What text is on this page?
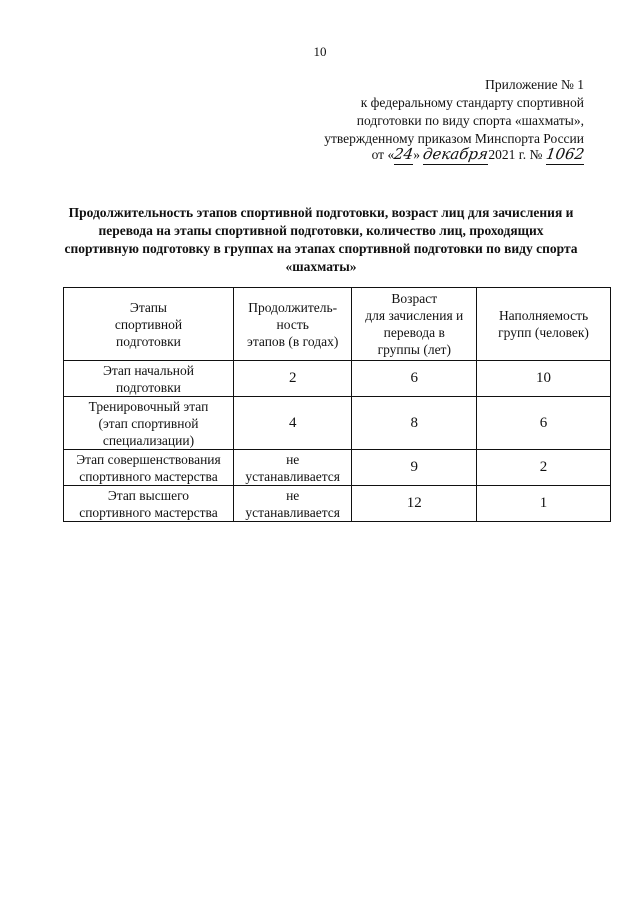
10
Приложение № 1
к федеральному стандарту спортивной
подготовки по виду спорта «шахматы»,
утвержденному приказом Минспорта России
от «24» декабря2021 г. № 1062
Продолжительность этапов спортивной подготовки, возраст лиц для зачисления и перевода на этапы спортивной подготовки, количество лиц, проходящих спортивную подготовку в группах на этапах спортивной подготовки по виду спорта «шахматы»
Этапы
спортивной
подготовки	Продолжитель-
ность
этапов (в годах)	Возраст
для зачисления и
перевода в
группы (лет)	Наполняемость
групп (человек)
Этап начальной
подготовки	2	6	10
Тренировочный этап
(этап спортивной
специализации)	4	8	6
Этап совершенствования
спортивного мастерства	не
устанавливается	9	2
Этап высшего
спортивного мастерства	не
устанавливается	12	1
